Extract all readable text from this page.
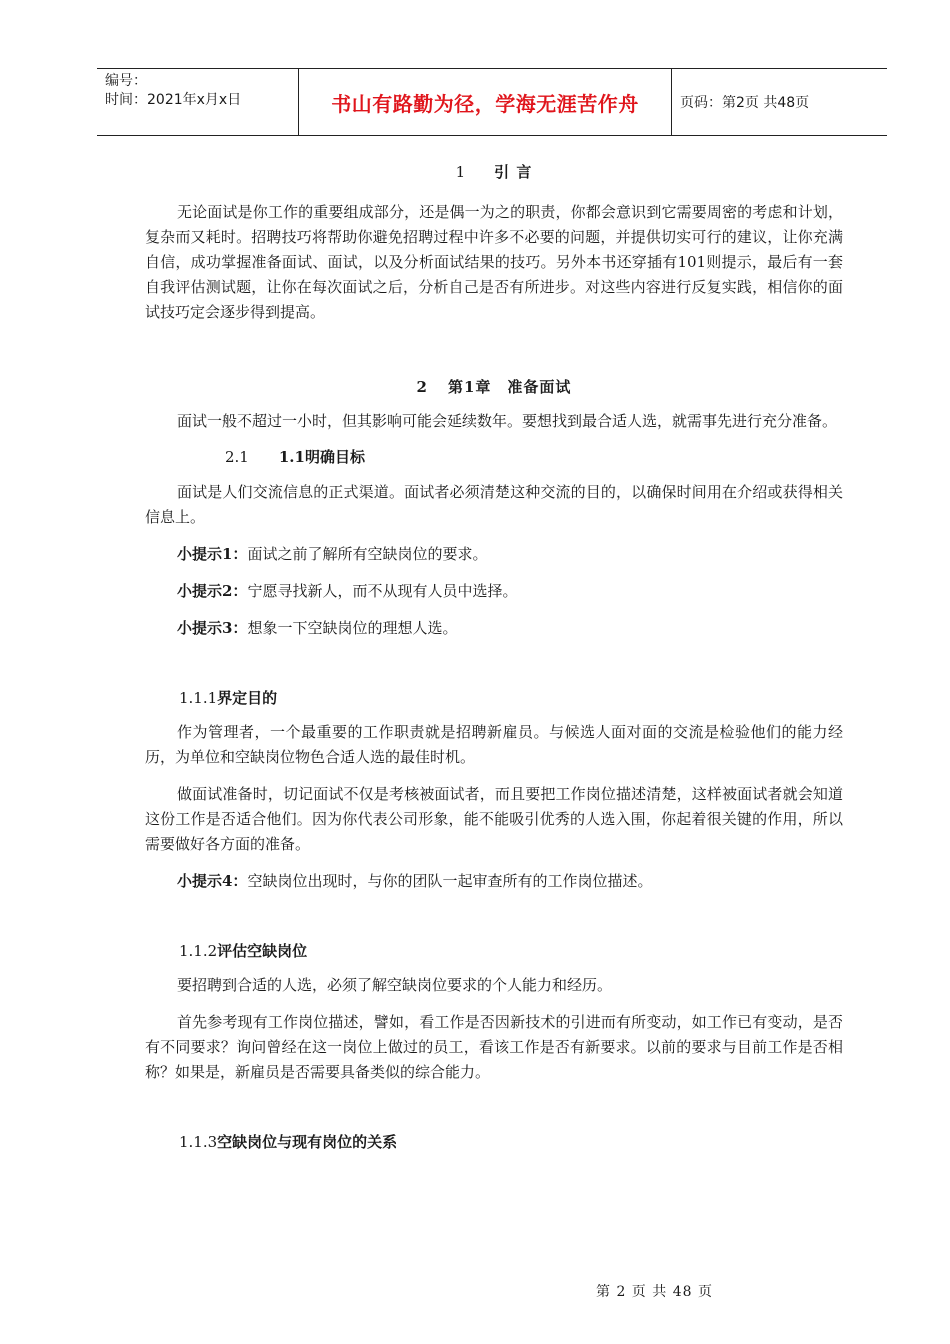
编号：
时间：2021年x月x日	书山有路勤为径，学海无涯苦作舟	页码：第2页 共48页
1 引 言

无论面试是你工作的重要组成部分，还是偶一为之的职责，你都会意识到它需要周密的考虑和计划，复杂而又耗时。招聘技巧将帮助你避免招聘过程中许多不必要的问题，并提供切实可行的建议，让你充满自信，成功掌握准备面试、面试，以及分析面试结果的技巧。另外本书还穿插有101则提示，最后有一套自我评估测试题，让你在每次面试之后，分析自己是否有所进步。对这些内容进行反复实践，相信你的面试技巧定会逐步得到提高。

2 第1章　准备面试

面试一般不超过一小时，但其影响可能会延续数年。要想找到最合适人选，就需事先进行充分准备。

2.1 1.1明确目标

面试是人们交流信息的正式渠道。面试者必须清楚这种交流的目的，以确保时间用在介绍或获得相关信息上。

小提示1：面试之前了解所有空缺岗位的要求。
小提示2：宁愿寻找新人，而不从现有人员中选择。
小提示3：想象一下空缺岗位的理想人选。
1.1.1界定目的

作为管理者，一个最重要的工作职责就是招聘新雇员。与候选人面对面的交流是检验他们的能力经历，为单位和空缺岗位物色合适人选的最佳时机。

做面试准备时，切记面试不仅是考核被面试者，而且要把工作岗位描述清楚，这样被面试者就会知道这份工作是否适合他们。因为你代表公司形象，能不能吸引优秀的人选入围，你起着很关键的作用，所以需要做好各方面的准备。

小提示4：空缺岗位出现时，与你的团队一起审查所有的工作岗位描述。
1.1.2评估空缺岗位

要招聘到合适的人选，必须了解空缺岗位要求的个人能力和经历。

首先参考现有工作岗位描述，譬如，看工作是否因新技术的引进而有所变动，如工作已有变动，是否有不同要求？询问曾经在这一岗位上做过的员工，看该工作是否有新要求。以前的要求与目前工作是否相称？如果是，新雇员是否需要具备类似的综合能力。

1.1.3空缺岗位与现有岗位的关系
第 2 页 共 48 页
